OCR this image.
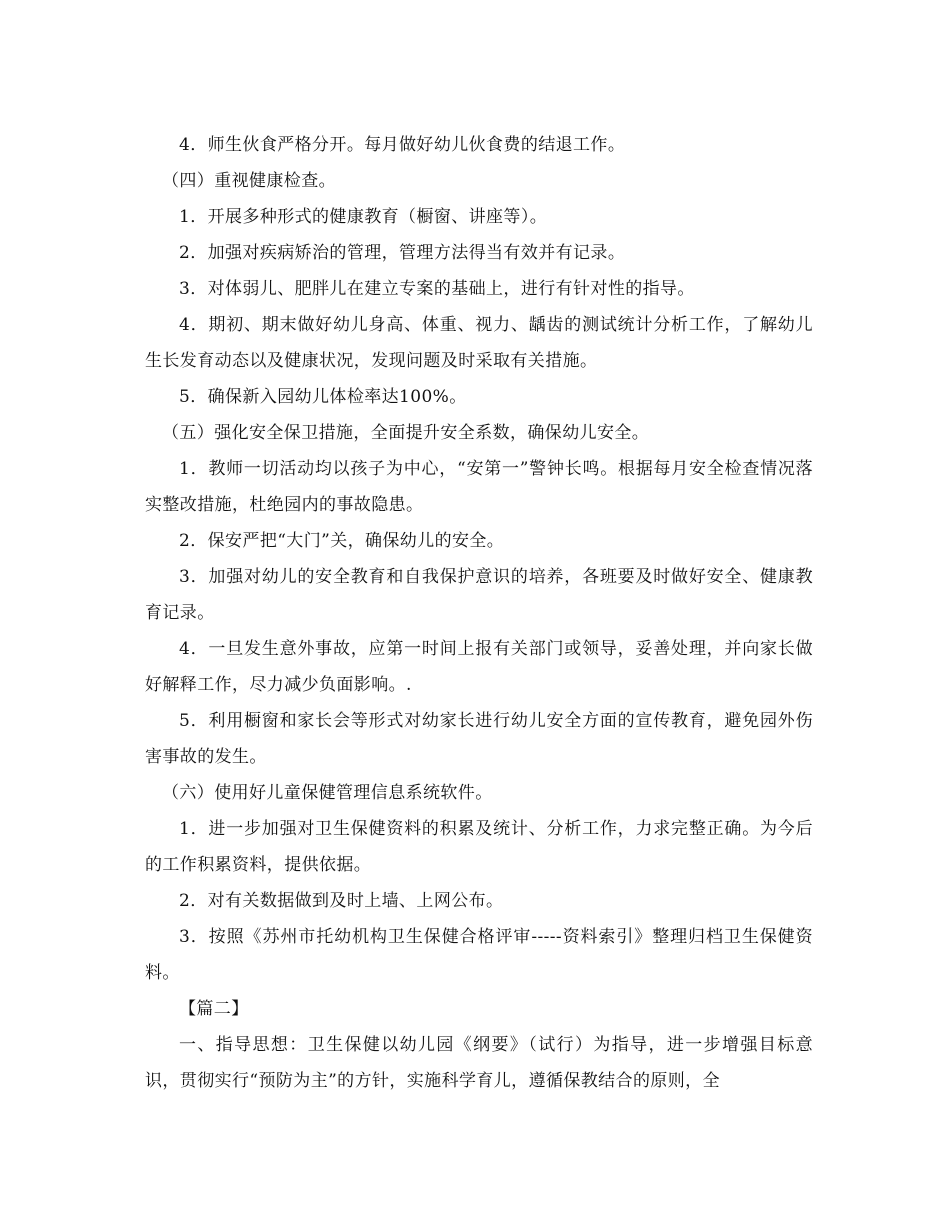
4．师生伙食严格分开。每月做好幼儿伙食费的结退工作。

（四）重视健康检查。

1．开展多种形式的健康教育（橱窗、讲座等）。

2．加强对疾病矫治的管理，管理方法得当有效并有记录。

3．对体弱儿、肥胖儿在建立专案的基础上，进行有针对性的指导。

4．期初、期末做好幼儿身高、体重、视力、龋齿的测试统计分析工作，了解幼儿生长发育动态以及健康状况，发现问题及时采取有关措施。

5．确保新入园幼儿体检率达100%。

（五）强化安全保卫措施，全面提升安全系数，确保幼儿安全。

1．教师一切活动均以孩子为中心，“安第一”警钟长鸣。根据每月安全检查情况落实整改措施，杜绝园内的事故隐患。

2．保安严把“大门”关，确保幼儿的安全。

3．加强对幼儿的安全教育和自我保护意识的培养，各班要及时做好安全、健康教育记录。

4．一旦发生意外事故，应第一时间上报有关部门或领导，妥善处理，并向家长做好解释工作，尽力减少负面影响。.

5．利用橱窗和家长会等形式对幼家长进行幼儿安全方面的宣传教育，避免园外伤害事故的发生。

（六）使用好儿童保健管理信息系统软件。

1．进一步加强对卫生保健资料的积累及统计、分析工作，力求完整正确。为今后的工作积累资料，提供依据。

2．对有关数据做到及时上墙、上网公布。

3．按照《苏州市托幼机构卫生保健合格评审-----资料索引》整理归档卫生保健资料。

【篇二】

一、指导思想：卫生保健以幼儿园《纲要》（试行）为指导，进一步增强目标意识，贯彻实行“预防为主”的方针，实施科学育儿，遵循保教结合的原则，全
